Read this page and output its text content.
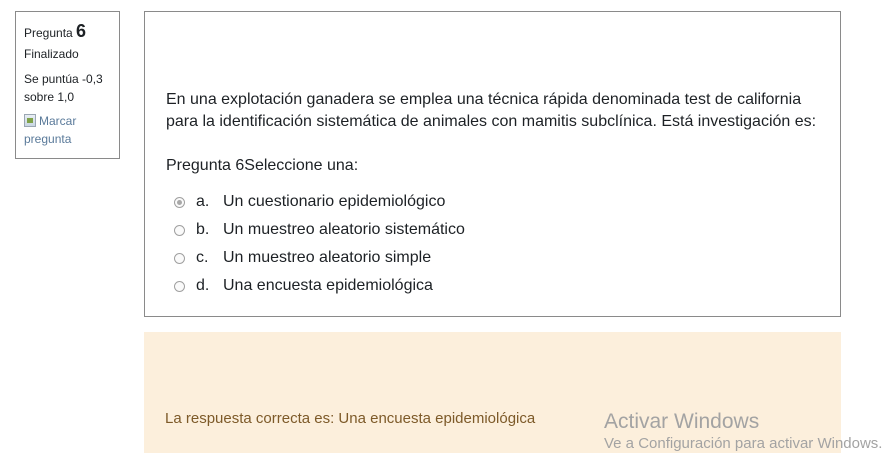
Pregunta 6
Finalizado
Se puntúa -0,3
sobre 1,0
Marcar
pregunta
En una explotación ganadera se emplea una técnica rápida denominada test de california para la identificación sistemática de animales con mamitis subclínica. Está investigación es:
Pregunta 6Seleccione una:
a. Un cuestionario epidemiológico
b. Un muestreo aleatorio sistemático
c. Un muestreo aleatorio simple
d. Una encuesta epidemiológica
La respuesta correcta es: Una encuesta epidemiológica	Activar Windows
Ve a Configuración para activar Windows.
